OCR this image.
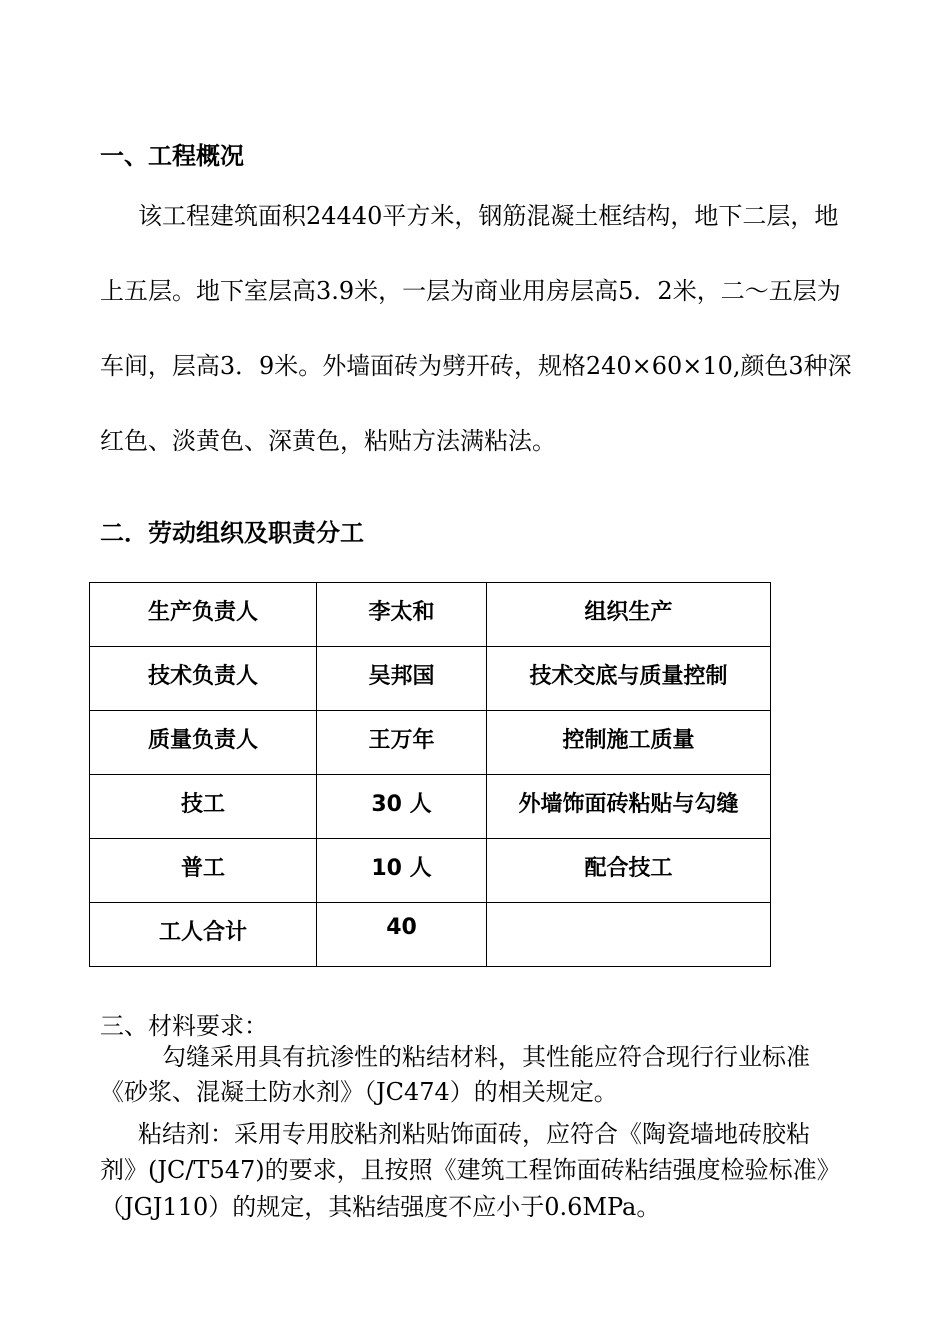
一、工程概况
该工程建筑面积24440平方米，钢筋混凝土框结构，地下二层，地
上五层。地下室层高3.9米，一层为商业用房层高5．2米，二～五层为
车间，层高3．9米。外墙面砖为劈开砖，规格240×60×10,颜色3种深
红色、淡黄色、深黄色，粘贴方法满粘法。
二．劳动组织及职责分工
生产负责人	李太和	组织生产
技术负责人	吴邦国	技术交底与质量控制
质量负责人	王万年	控制施工质量
技工	30 人	外墙饰面砖粘贴与勾缝
普工	10 人	配合技工
工人合计	40	
三、材料要求：
勾缝采用具有抗渗性的粘结材料，其性能应符合现行行业标准
《砂浆、混凝土防水剂》（JC474）的相关规定。
粘结剂：采用专用胶粘剂粘贴饰面砖，应符合《陶瓷墙地砖胶粘
剂》(JC/T547)的要求，且按照《建筑工程饰面砖粘结强度检验标准》
（JGJ110）的规定，其粘结强度不应小于0.6MPa。
